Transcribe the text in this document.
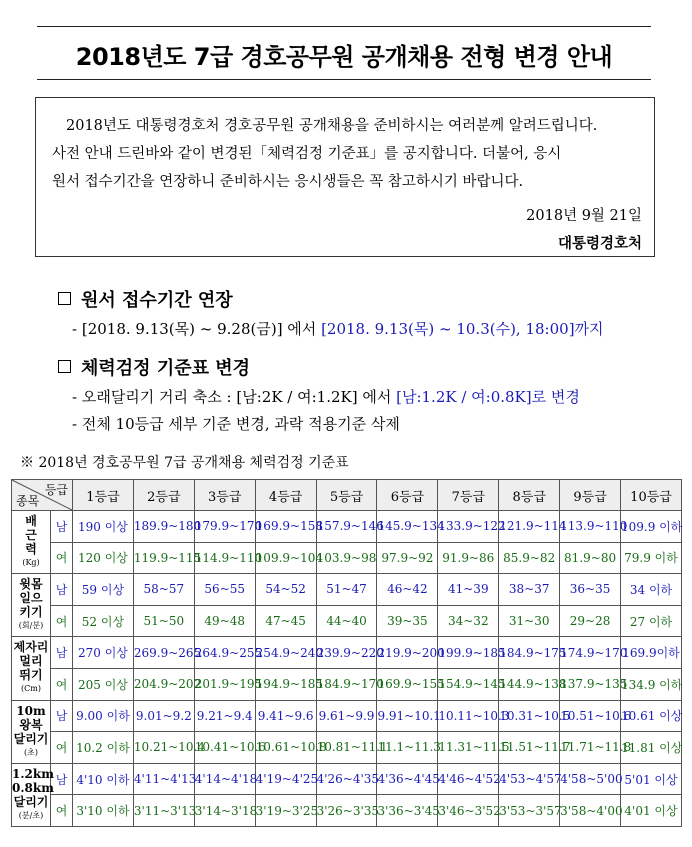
2018년도 7급 경호공무원 공개채용 전형 변경 안내

2018년도 대통령경호처 경호공무원 공개채용을 준비하시는 여러분께 알려드립니다.
사전 안내 드린바와 같이 변경된「체력검정 기준표」를 공지합니다. 더불어, 응시
원서 접수기간을 연장하니 준비하시는 응시생들은 꼭 참고하시기 바랍니다.

2018년 9월 21일
대통령경호처
원서 접수기간 연장
- [2018. 9.13(목) ~ 9.28(금)] 에서 [2018. 9.13(목) ~ 10.3(수), 18:00]까지
체력검정 기준표 변경
- 오래달리기 거리 축소 : [남:2K / 여:1.2K] 에서 [남:1.2K / 여:0.8K]로 변경
- 전체 10등급 세부 기준 변경, 과락 적용기준 삭제
※ 2018년 경호공무원 7급 공개채용 체력검정 기준표
등급
종목		1등급	2등급	3등급	4등급	5등급	6등급	7등급	8등급	9등급	10등급

배
근
력
(Kg)	남	190 이상	189.9~180	179.9~170	169.9~158	157.9~146	145.9~134	133.9~122	121.9~114	113.9~110	109.9 이하
	여	120 이상	119.9~115	114.9~110	109.9~104	103.9~98	97.9~92	91.9~86	85.9~82	81.9~80	79.9 이하

윗몸
일으
키기
(회/분)	남	59 이상	58~57	56~55	54~52	51~47	46~42	41~39	38~37	36~35	34 이하
	여	52 이상	51~50	49~48	47~45	44~40	39~35	34~32	31~30	29~28	27 이하

제자리
멀리
뛰기
(Cm)	남	270 이상	269.9~265	264.9~255	254.9~240	239.9~220	219.9~200	199.9~185	184.9~175	174.9~170	169.9이하
	여	205 이상	204.9~202	201.9~195	194.9~185	184.9~170	169.9~155	154.9~145	144.9~138	137.9~135	134.9 이하

10m
왕복
달리기
(초)	남	9.00 이하	9.01~9.2	9.21~9.4	9.41~9.6	9.61~9.9	9.91~10.1	10.11~10.3	10.31~10.5	10.51~10.6	10.61 이상
	여	10.2 이하	10.21~10.4	10.41~10.6	10.61~10.8	10.81~11.1	11.1~11.3	11.31~11.5	11.51~11.7	11.71~11.8	11.81 이상

1.2km
0.8km
달리기
(분/초)	남	4'10 이하	4'11~4'13	4'14~4'18	4'19~4'25	4'26~4'35	4'36~4'45	4'46~4'52	4'53~4'57	4'58~5'00	5'01 이상
	여	3'10 이하	3'11~3'13	3'14~3'18	3'19~3'25	3'26~3'35	3'36~3'45	3'46~3'52	3'53~3'57	3'58~4'00	4'01 이상
